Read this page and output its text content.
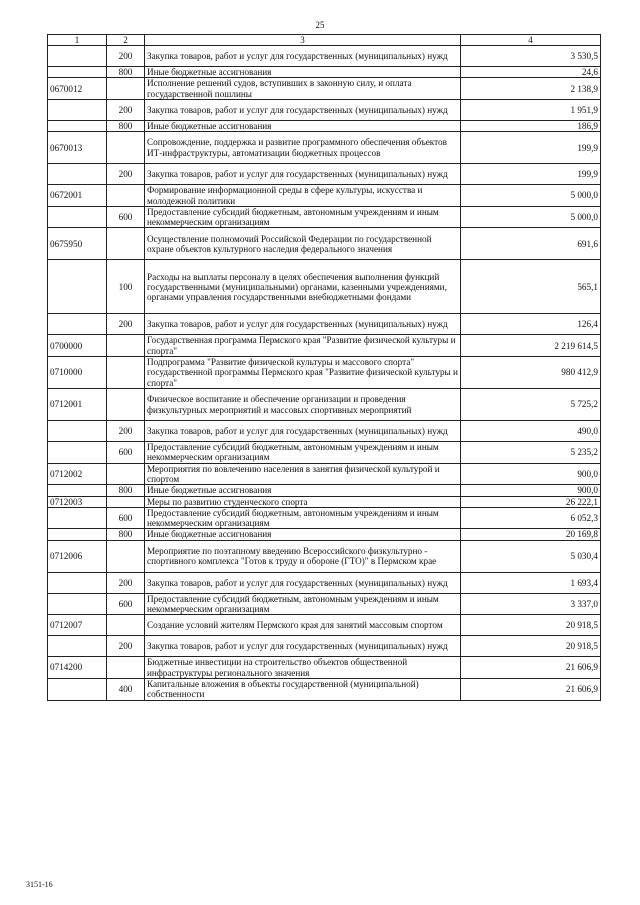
25
1	2	3	4
	200	Закупка товаров, работ и услуг для государственных (муниципальных) нужд	3 530,5
	800	Иные бюджетные ассигнования	24,6
0670012		Исполнение решений судов, вступивших в законную силу, и оплата государственной пошлины	2 138,9
	200	Закупка товаров, работ и услуг для государственных (муниципальных) нужд	1 951,9
	800	Иные бюджетные ассигнования	186,9
0670013		Сопровождение, поддержка и развитие программного обеспечения объектов ИТ-инфраструктуры, автоматизации бюджетных процессов	199,9
	200	Закупка товаров, работ и услуг для государственных (муниципальных) нужд	199,9
0672001		Формирование информационной среды в сфере культуры, искусства и молодежной политики	5 000,0
	600	Предоставление субсидий бюджетным, автономным учреждениям и иным некоммерческим организациям	5 000,0
0675950		Осуществление полномочий Российской Федерации по государственной охране объектов культурного наследия федерального значения	691,6
	100	Расходы на выплаты персоналу в целях обеспечения выполнения функций государственными (муниципальными) органами, казенными учреждениями, органами управления государственными внебюджетными фондами	565,1
	200	Закупка товаров, работ и услуг для государственных (муниципальных) нужд	126,4
0700000		Государственная программа Пермского края "Развитие физической культуры и спорта"	2 219 614,5
0710000		Подпрограмма "Развитие физической культуры и массового спорта" государственной программы Пермского края "Развитие физической культуры и спорта"	980 412,9
0712001		Физическое воспитание и обеспечение организации и проведения физкультурных мероприятий и массовых спортивных мероприятий	5 725,2
	200	Закупка товаров, работ и услуг для государственных (муниципальных) нужд	490,0
	600	Предоставление субсидий бюджетным, автономным учреждениям и иным некоммерческим организациям	5 235,2
0712002		Мероприятия по вовлечению населения в занятия физической культурой и спортом	900,0
	800	Иные бюджетные ассигнования	900,0
0712003		Меры по развитию студенческого спорта	26 222,1
	600	Предоставление субсидий бюджетным, автономным учреждениям и иным некоммерческим организациям	6 052,3
	800	Иные бюджетные ассигнования	20 169,8
0712006		Мероприятие по поэтапному введению Всероссийского физкультурно - спортивного комплекса "Готов к труду и обороне (ГТО)" в Пермском крае	5 030,4
	200	Закупка товаров, работ и услуг для государственных (муниципальных) нужд	1 693,4
	600	Предоставление субсидий бюджетным, автономным учреждениям и иным некоммерческим организациям	3 337,0
0712007		Создание условий жителям Пермского края для занятий массовым спортом	20 918,5
	200	Закупка товаров, работ и услуг для государственных (муниципальных) нужд	20 918,5
0714200		Бюджетные инвестиции на строительство объектов общественной инфраструктуры регионального значения	21 606,9
	400	Капитальные вложения в объекты государственной (муниципальной) собственности	21 606,9
3151-16
